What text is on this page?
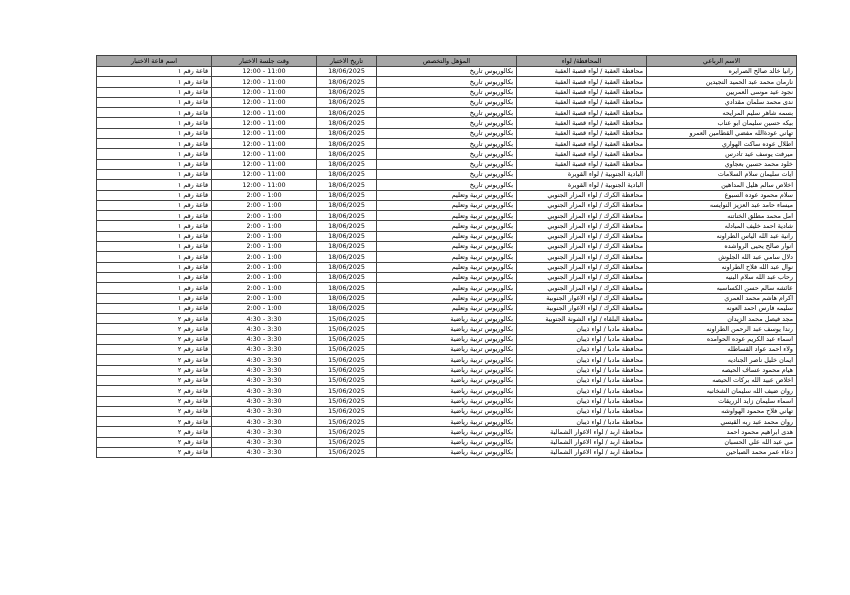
الاسم الرباعي	المحافظة/ لواء	المؤهل والتخصص	تاريخ الاختبار	وقت جلسة الاختبار	اسم قاعة الاختبار
رانيا خالد صالح الصرايره	محافظة العقبة / لواء قصبة العقبة	بكالوريوس تاريخ	18/06/2025	11:00 - 12:00	قاعة رقم ١
نارمان محمد عبد الحميد النجيدين	محافظة العقبة / لواء قصبة العقبة	بكالوريوس تاريخ	18/06/2025	11:00 - 12:00	قاعة رقم ١
نجود عيد موسى العمريين	محافظة العقبة / لواء قصبة العقبة	بكالوريوس تاريخ	18/06/2025	11:00 - 12:00	قاعة رقم ١
ندى محمد سلمان مقدادي	محافظة العقبة / لواء قصبة العقبة	بكالوريوس تاريخ	18/06/2025	11:00 - 12:00	قاعة رقم ١
بسمه شاهر سليم المرايحه	محافظة العقبة / لواء قصبة العقبة	بكالوريوس تاريخ	18/06/2025	11:00 - 12:00	قاعة رقم ١
بيكه حسين سليمان ابو عناب	محافظة العقبة / لواء قصبة العقبة	بكالوريوس تاريخ	18/06/2025	11:00 - 12:00	قاعة رقم ١
تهاني عودةالله مفضي القطامين العمرو	محافظة العقبة / لواء قصبة العقبة	بكالوريوس تاريخ	18/06/2025	11:00 - 12:00	قاعة رقم ١
اطلال عوده ساكت الهواري	محافظة العقبة / لواء قصبة العقبة	بكالوريوس تاريخ	18/06/2025	11:00 - 12:00	قاعة رقم ١
ميرفت يوسف عيد تادرس	محافظة العقبة / لواء قصبة العقبة	بكالوريوس تاريخ	18/06/2025	11:00 - 12:00	قاعة رقم ١
خلود محمد حسين بعجاوي	محافظة العقبة / لواء قصبة العقبة	بكالوريوس تاريخ	18/06/2025	11:00 - 12:00	قاعة رقم ١
ايات سليمان سلام السلامات	البادية الجنوبية / لواء القويرة	بكالوريوس تاريخ	18/06/2025	11:00 - 12:00	قاعة رقم ١
اخلاص سالم هليل المداهين	البادية الجنوبية / لواء القويرة	بكالوريوس تاريخ	18/06/2025	11:00 - 12:00	قاعة رقم ١
سلام محمود عوده السبوع	محافظة الكرك / لواء المزار الجنوبي	بكالوريوس تربية وتعليم	18/06/2025	1:00 - 2:00	قاعة رقم ١
ميساء حامد عبد العزيز النوايسه	محافظة الكرك / لواء المزار الجنوبي	بكالوريوس تربية وتعليم	18/06/2025	1:00 - 2:00	قاعة رقم ١
امل محمد مطلق الخناتنه	محافظة الكرك / لواء المزار الجنوبي	بكالوريوس تربية وتعليم	18/06/2025	1:00 - 2:00	قاعة رقم ١
شادية احمد خليف المبادله	محافظة الكرك / لواء المزار الجنوبي	بكالوريوس تربية وتعليم	18/06/2025	1:00 - 2:00	قاعة رقم ١
رانية عبد الله الياس الطراونه	محافظة الكرك / لواء المزار الجنوبي	بكالوريوس تربية وتعليم	18/06/2025	1:00 - 2:00	قاعة رقم ١
انوار صالح يحيى الرواشده	محافظة الكرك / لواء المزار الجنوبي	بكالوريوس تربية وتعليم	18/06/2025	1:00 - 2:00	قاعة رقم ١
دلال سامي عبد الله الجلوش	محافظة الكرك / لواء المزار الجنوبي	بكالوريوس تربية وتعليم	18/06/2025	1:00 - 2:00	قاعة رقم ١
نوال عبد الله فلاح الطراونه	محافظة الكرك / لواء المزار الجنوبي	بكالوريوس تربية وتعليم	18/06/2025	1:00 - 2:00	قاعة رقم ١
رحاب عبد الله سلام البنيه	محافظة الكرك / لواء المزار الجنوبي	بكالوريوس تربية وتعليم	18/06/2025	1:00 - 2:00	قاعة رقم ١
عائشه سالم حسن الكساسبه	محافظة الكرك / لواء المزار الجنوبي	بكالوريوس تربية وتعليم	18/06/2025	1:00 - 2:00	قاعة رقم ١
اكرام هاشم محمد العمري	محافظة الكرك / لواء الاغوار الجنوبية	بكالوريوس تربية وتعليم	18/06/2025	1:00 - 2:00	قاعة رقم ١
سليمه فارس احمد العونه	محافظة الكرك / لواء الاغوار الجنوبية	بكالوريوس تربية وتعليم	18/06/2025	1:00 - 2:00	قاعة رقم ١
مجد فيصل محمد الزيدان	محافظة البلقاء / لواء الشونة الجنوبية	بكالوريوس تربية رياضية	15/06/2025	3:30 - 4:30	قاعة رقم ٢
رندا يوسف عبد الرحمن الطراونه	محافظة مادبا / لواء ذيبان	بكالوريوس تربية رياضية	15/06/2025	3:30 - 4:30	قاعة رقم ٢
اسماء عبد الكريم عوده الحوامده	محافظة مادبا / لواء ذيبان	بكالوريوس تربية رياضية	15/06/2025	3:30 - 4:30	قاعة رقم ٢
ولاء احمد عواد القساطله	محافظة مادبا / لواء ذيبان	بكالوريوس تربية رياضية	15/06/2025	3:30 - 4:30	قاعة رقم ٢
ايمان خليل ناصر الجناديه	محافظة مادبا / لواء ذيبان	بكالوريوس تربية رياضية	15/06/2025	3:30 - 4:30	قاعة رقم ٢
هيام محمود عساف الحيصه	محافظة مادبا / لواء ذيبان	بكالوريوس تربية رياضية	15/06/2025	3:30 - 4:30	قاعة رقم ٢
اخلاص عبيد الله بركات الحيصه	محافظة مادبا / لواء ذيبان	بكالوريوس تربية رياضية	15/06/2025	3:30 - 4:30	قاعة رقم ٢
روان ضيف الله سليمان الشخانبه	محافظة مادبا / لواء ذيبان	بكالوريوس تربية رياضية	15/06/2025	3:30 - 4:30	قاعة رقم ٢
اسماء سليمان زايد الزريقات	محافظة مادبا / لواء ذيبان	بكالوريوس تربية رياضية	15/06/2025	3:30 - 4:30	قاعة رقم ٢
تهاني فلاح محمود الهواوشه	محافظة مادبا / لواء ذيبان	بكالوريوس تربية رياضية	15/06/2025	3:30 - 4:30	قاعة رقم ٢
روان محمد عبد ربه القيسي	محافظة مادبا / لواء ذيبان	بكالوريوس تربية رياضية	15/06/2025	3:30 - 4:30	قاعة رقم ٢
هدى ابراهيم محمود احمد	محافظة اربد / لواء الاغوار الشمالية	بكالوريوس تربية رياضية	15/06/2025	3:30 - 4:30	قاعة رقم ٢
مي عبد الله علي الحسبان	محافظة اربد / لواء الاغوار الشمالية	بكالوريوس تربية رياضية	15/06/2025	3:30 - 4:30	قاعة رقم ٢
دعاء عمر محمد الصباحين	محافظة اربد / لواء الاغوار الشمالية	بكالوريوس تربية رياضية	15/06/2025	3:30 - 4:30	قاعة رقم ٢
